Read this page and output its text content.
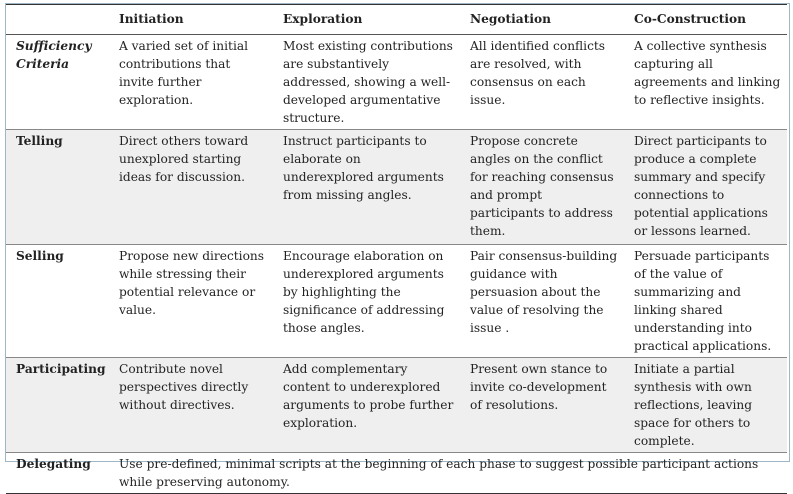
	Initiation	Exploration	Negotiation	Co-Construction
Sufficiency Criteria	A varied set of initial contributions that invite further exploration.	Most existing contributions are substantively addressed, showing a well-developed argumentative structure.	All identified conflicts are resolved, with consensus on each issue.	A collective synthesis capturing all agreements and linking to reflective insights.
Telling	Direct others toward unexplored starting ideas for discussion.	Instruct participants to elaborate on underexplored arguments from missing angles.	Propose concrete angles on the conflict for reaching consensus and prompt participants to address them.	Direct participants to produce a complete summary and specify connections to potential applications or lessons learned.
Selling	Propose new directions while stressing their potential relevance or value.	Encourage elaboration on underexplored arguments by highlighting the significance of addressing those angles.	Pair consensus-building guidance with persuasion about the value of resolving the issue .	Persuade participants of the value of summarizing and linking shared understanding into practical applications.
Participating	Contribute novel perspectives directly without directives.	Add complementary content to underexplored arguments to probe further exploration.	Present own stance to invite co-development of resolutions.	Initiate a partial synthesis with own reflections, leaving space for others to complete.
Delegating	Use pre-defined, minimal scripts at the beginning of each phase to suggest possible participant actions while preserving autonomy.			
